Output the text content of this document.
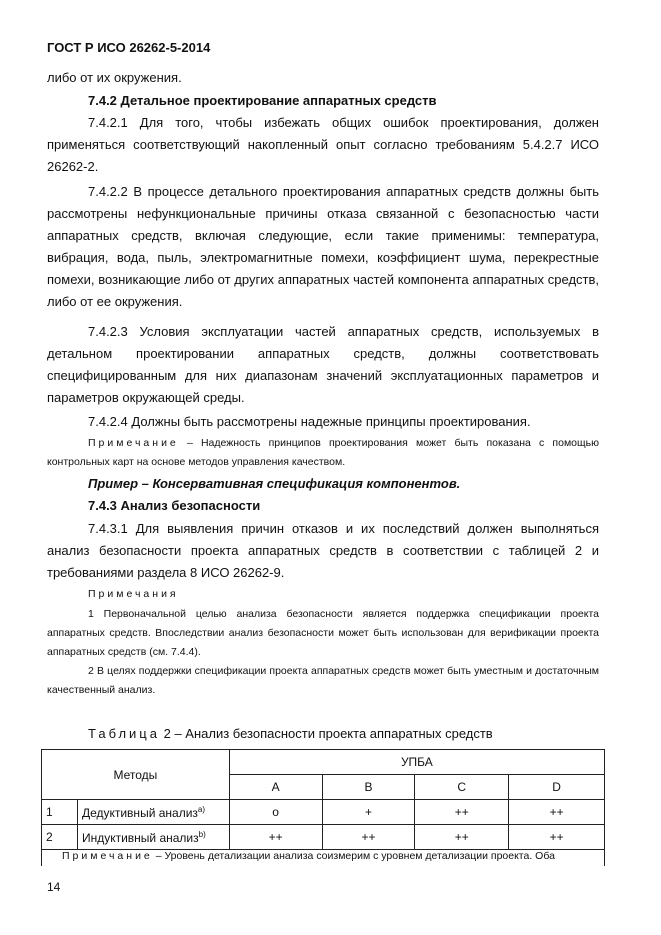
ГОСТ Р ИСО 26262-5-2014

либо от их окружения.

7.4.2 Детальное проектирование аппаратных средств

7.4.2.1 Для того, чтобы избежать общих ошибок проектирования, должен применяться соответствующий накопленный опыт согласно требованиям 5.4.2.7 ИСО 26262-2.

7.4.2.2 В процессе детального проектирования аппаратных средств должны быть рассмотрены нефункциональные причины отказа связанной с безопасностью части аппаратных средств, включая следующие, если такие применимы: температура, вибрация, вода, пыль, электромагнитные помехи, коэффициент шума, перекрестные помехи, возникающие либо от других аппаратных частей компонента аппаратных средств, либо от ее окружения.

7.4.2.3 Условия эксплуатации частей аппаратных средств, используемых в детальном проектировании аппаратных средств, должны соответствовать специфицированным для них диапазонам значений эксплуатационных параметров и параметров окружающей среды.

7.4.2.4 Должны быть рассмотрены надежные принципы проектирования.

Примечание – Надежность принципов проектирования может быть показана с помощью контрольных карт на основе методов управления качеством.

Пример – Консервативная спецификация компонентов.

7.4.3 Анализ безопасности

7.4.3.1 Для выявления причин отказов и их последствий должен выполняться анализ безопасности проекта аппаратных средств в соответствии с таблицей 2 и требованиями раздела 8 ИСО 26262-9.

Примечания

1 Первоначальной целью анализа безопасности является поддержка спецификации проекта аппаратных средств. Впоследствии анализ безопасности может быть использован для верификации проекта аппаратных средств (см. 7.4.4).

2 В целях поддержки спецификации проекта аппаратных средств может быть уместным и достаточным качественный анализ.

Таблица 2 – Анализ безопасности проекта аппаратных средств
Методы		УПБА			
		A	B	C	D
1	Дедуктивный анализ$^{a)}$	o	+	++	++
2	Индуктивный анализ$^{b)}$	++	++	++	++
Примечание – Уровень детализации анализа соизмерим с уровнем детализации проекта. Оба					
14
